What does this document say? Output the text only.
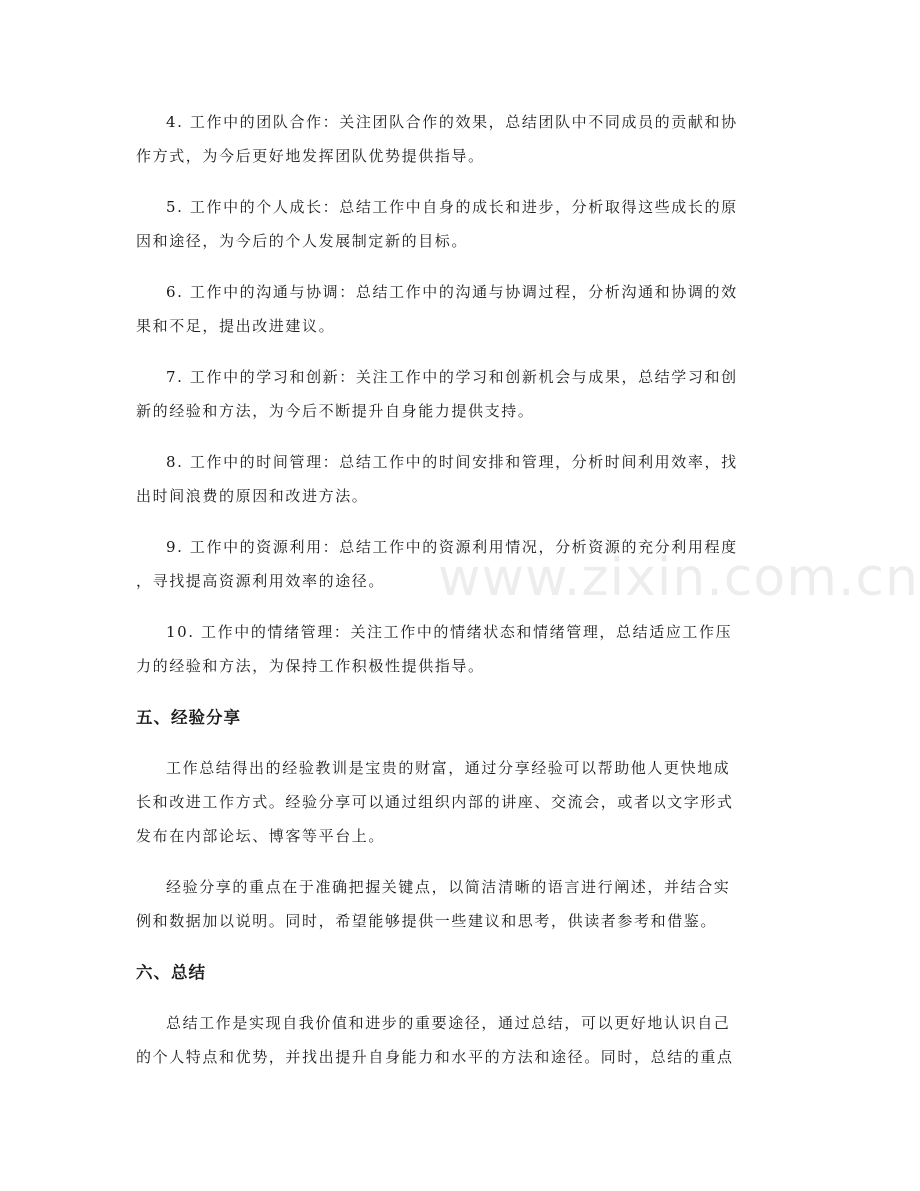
4. 工作中的团队合作：关注团队合作的效果，总结团队中不同成员的贡献和协
作方式，为今后更好地发挥团队优势提供指导。
5. 工作中的个人成长：总结工作中自身的成长和进步，分析取得这些成长的原
因和途径，为今后的个人发展制定新的目标。
6. 工作中的沟通与协调：总结工作中的沟通与协调过程，分析沟通和协调的效
果和不足，提出改进建议。
7. 工作中的学习和创新：关注工作中的学习和创新机会与成果，总结学习和创
新的经验和方法，为今后不断提升自身能力提供支持。
8. 工作中的时间管理：总结工作中的时间安排和管理，分析时间利用效率，找
出时间浪费的原因和改进方法。
9. 工作中的资源利用：总结工作中的资源利用情况，分析资源的充分利用程度
，寻找提高资源利用效率的途径。
10. 工作中的情绪管理：关注工作中的情绪状态和情绪管理，总结适应工作压
力的经验和方法，为保持工作积极性提供指导。
五、经验分享
工作总结得出的经验教训是宝贵的财富，通过分享经验可以帮助他人更快地成
长和改进工作方式。经验分享可以通过组织内部的讲座、交流会，或者以文字形式
发布在内部论坛、博客等平台上。
经验分享的重点在于准确把握关键点，以简洁清晰的语言进行阐述，并结合实
例和数据加以说明。同时，希望能够提供一些建议和思考，供读者参考和借鉴。
六、总结
总结工作是实现自我价值和进步的重要途径，通过总结，可以更好地认识自己
的个人特点和优势，并找出提升自身能力和水平的方法和途径。同时，总结的重点
www.zixin.com.cn
